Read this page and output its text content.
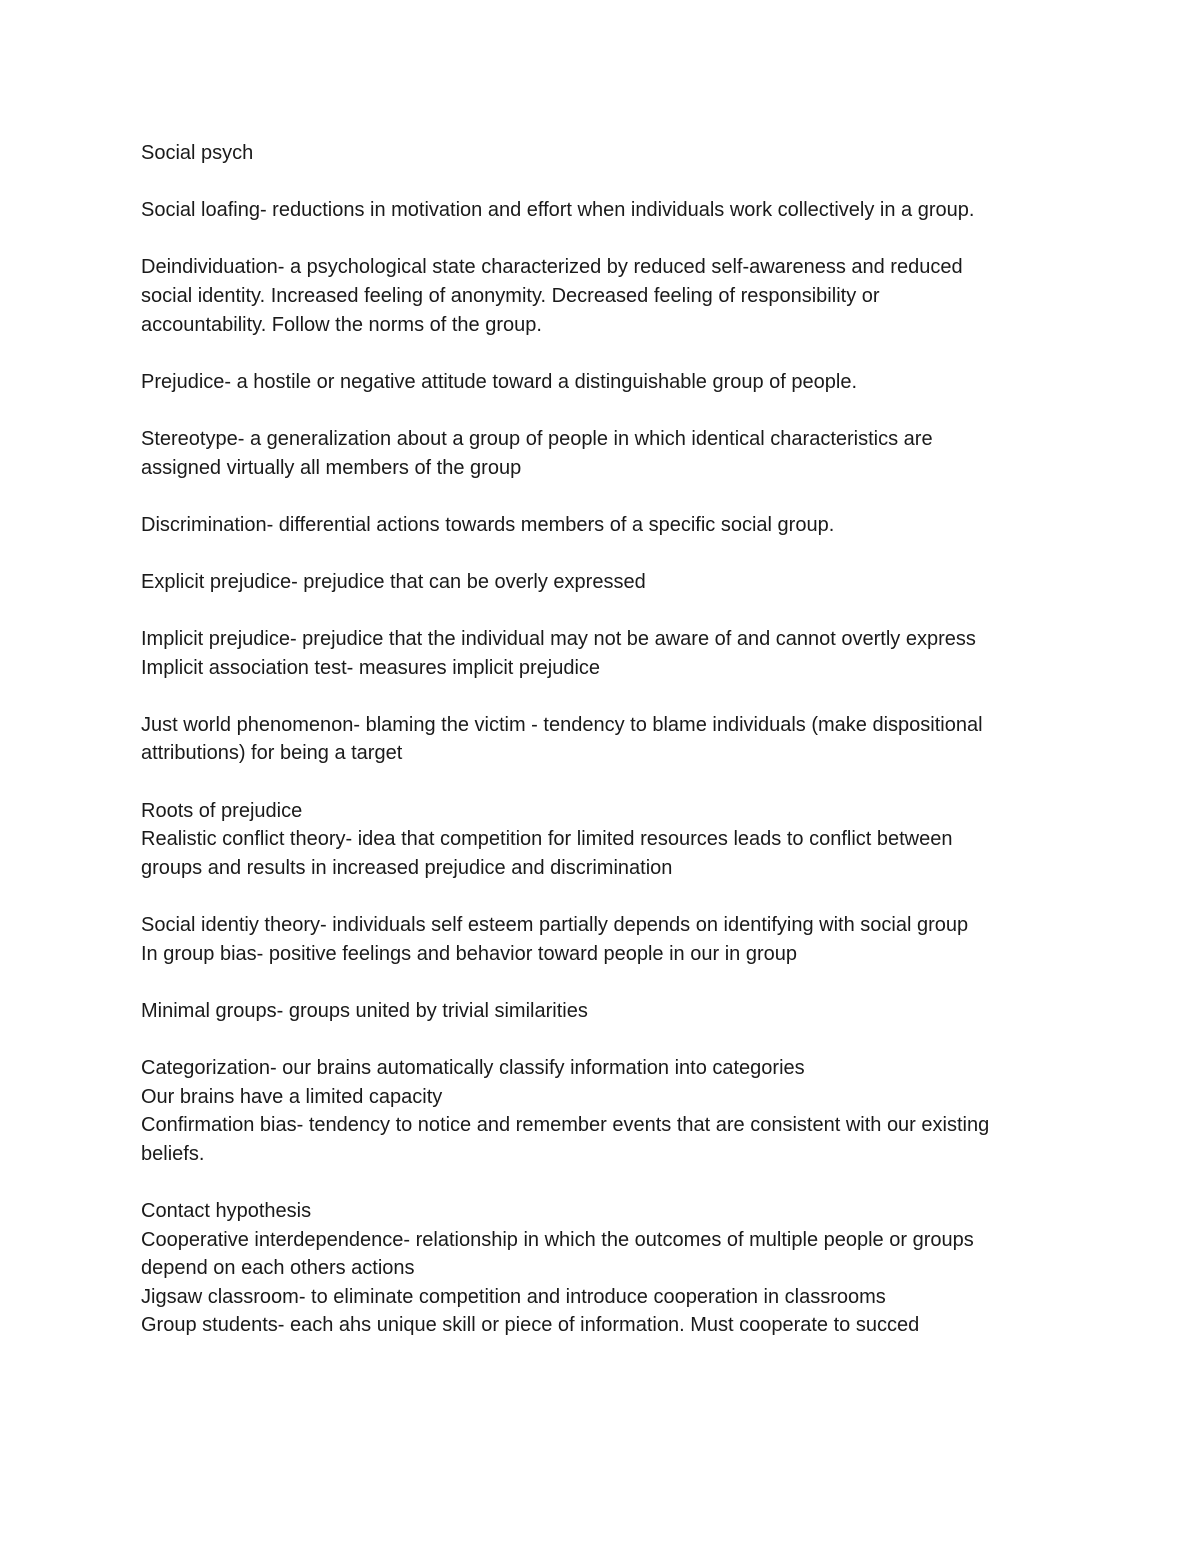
Social psych

Social loafing- reductions in motivation and effort when individuals work collectively in a group.

Deindividuation- a psychological state characterized by reduced self-awareness and reduced
social identity. Increased feeling of anonymity. Decreased feeling of responsibility or
accountability. Follow the norms of the group.

Prejudice- a hostile or negative attitude toward a distinguishable group of people.

Stereotype- a generalization about a group of people in which identical characteristics are
assigned virtually all members of the group

Discrimination- differential actions towards members of a specific social group.

Explicit prejudice- prejudice that can be overly expressed

Implicit prejudice- prejudice that the individual may not be aware of and cannot overtly express
Implicit association test- measures implicit prejudice

Just world phenomenon- blaming the victim - tendency to blame individuals (make dispositional
attributions) for being a target

Roots of prejudice
Realistic conflict theory- idea that competition for limited resources leads to conflict between
groups and results in increased prejudice and discrimination

Social identiy theory- individuals self esteem partially depends on identifying with social group
In group bias- positive feelings and behavior toward people in our in group

Minimal groups- groups united by trivial similarities

Categorization- our brains automatically classify information into categories
Our brains have a limited capacity
Confirmation bias- tendency to notice and remember events that are consistent with our existing
beliefs.

Contact hypothesis
Cooperative interdependence- relationship in which the outcomes of multiple people or groups
depend on each others actions
Jigsaw classroom- to eliminate competition and introduce cooperation in classrooms
Group students- each ahs unique skill or piece of information. Must cooperate to succed
